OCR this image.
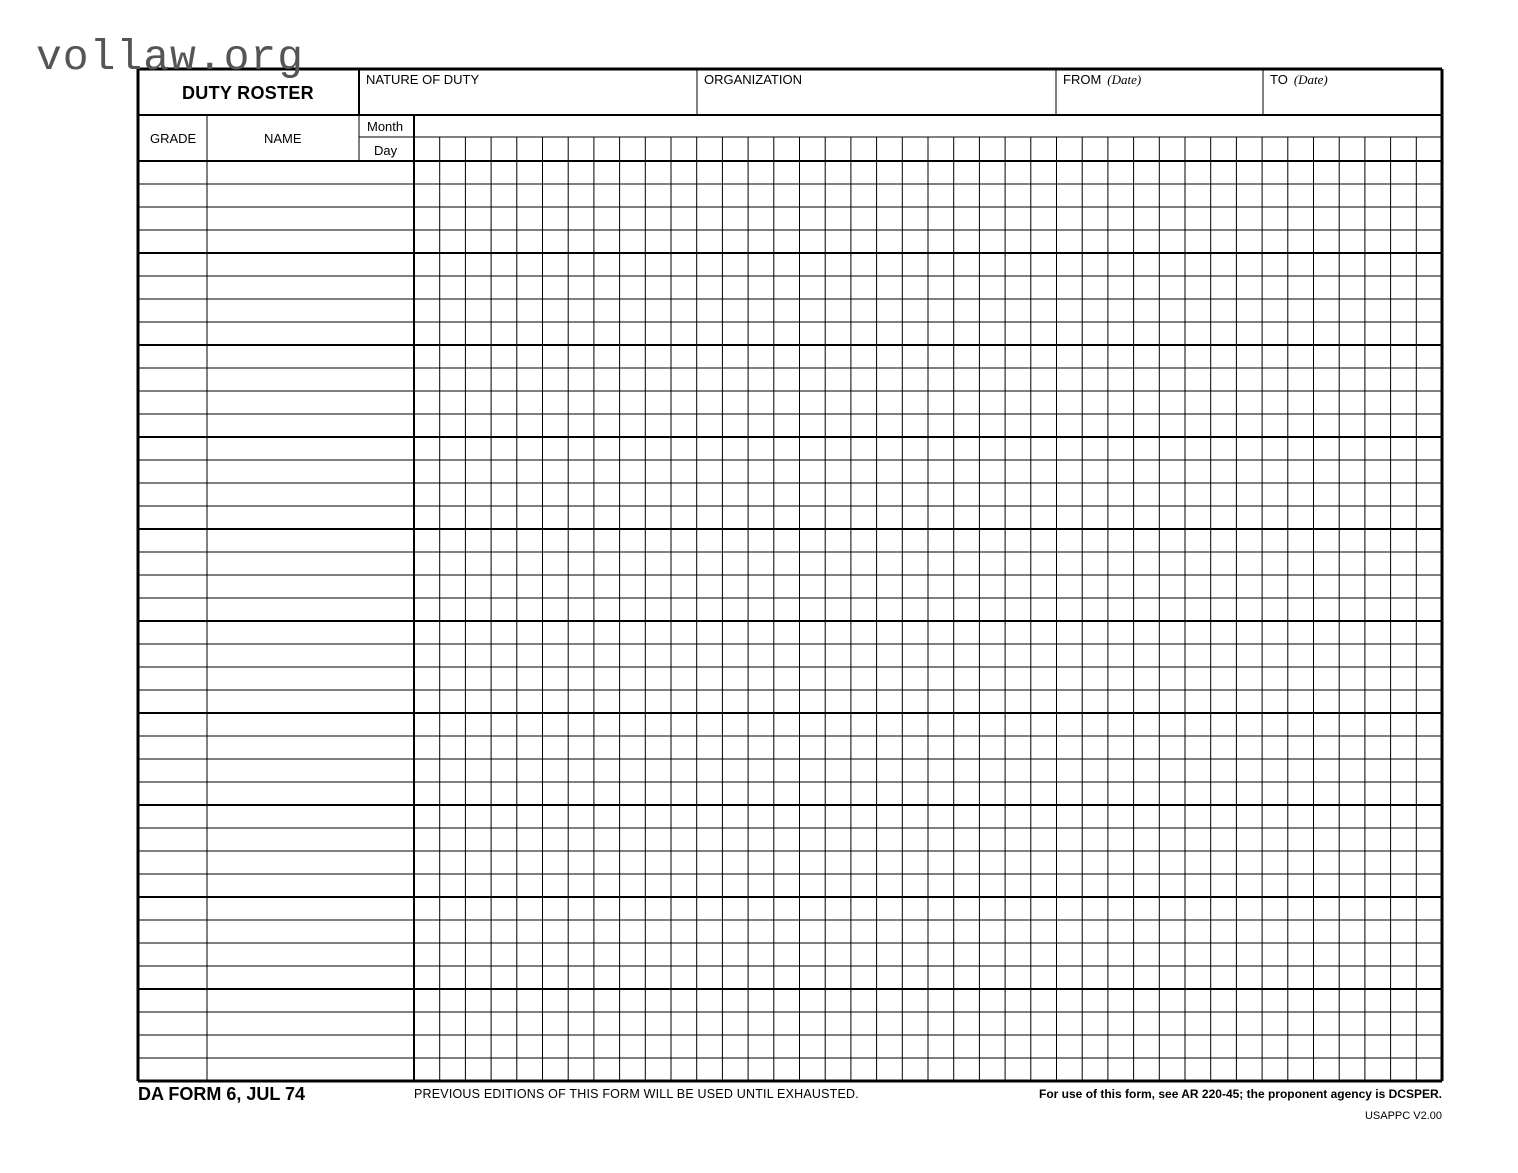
vollaw.org
DUTY ROSTER
NATURE OF DUTY	ORGANIZATION	FROM (Date)	TO (Date)
GRADE	NAME
Month
Day
DA FORM 6, JUL 74	PREVIOUS EDITIONS OF THIS FORM WILL BE USED UNTIL EXHAUSTED.	For use of this form, see AR 220-45; the proponent agency is DCSPER.
USAPPC V2.00
